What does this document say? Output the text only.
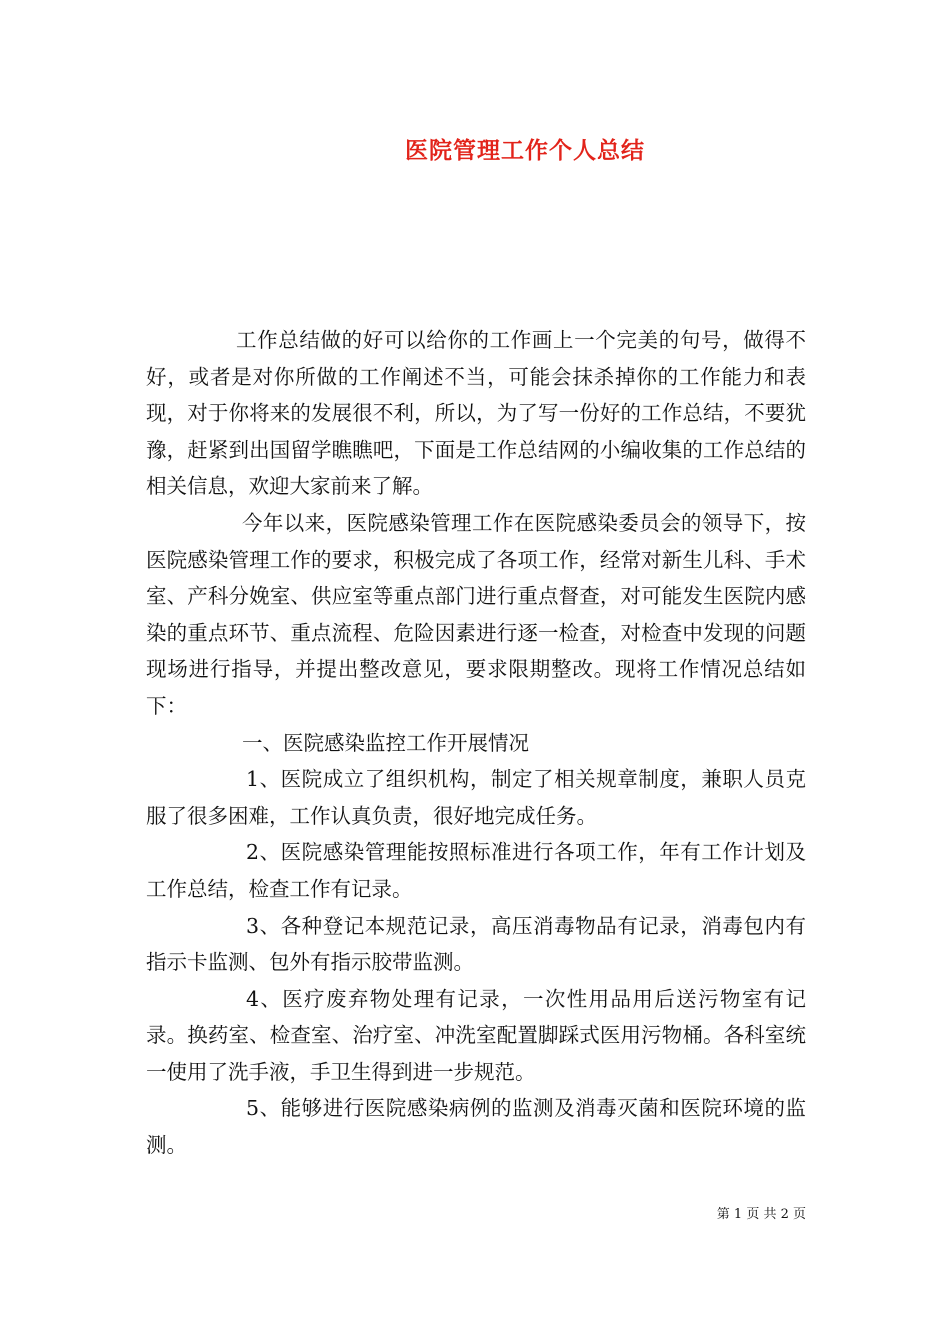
医院管理工作个人总结

工作总结做的好可以给你的工作画上一个完美的句号，做得不好，或者是对你所做的工作阐述不当，可能会抹杀掉你的工作能力和表现，对于你将来的发展很不利，所以，为了写一份好的工作总结，不要犹豫，赶紧到出国留学瞧瞧吧，下面是工作总结网的小编收集的工作总结的相关信息，欢迎大家前来了解。

今年以来，医院感染管理工作在医院感染委员会的领导下，按医院感染管理工作的要求，积极完成了各项工作，经常对新生儿科、手术室、产科分娩室、供应室等重点部门进行重点督查，对可能发生医院内感染的重点环节、重点流程、危险因素进行逐一检查，对检查中发现的问题现场进行指导，并提出整改意见，要求限期整改。现将工作情况总结如下：

一、医院感染监控工作开展情况

1、医院成立了组织机构，制定了相关规章制度，兼职人员克服了很多困难，工作认真负责，很好地完成任务。

2、医院感染管理能按照标准进行各项工作，年有工作计划及工作总结，检查工作有记录。

3、各种登记本规范记录，高压消毒物品有记录，消毒包内有指示卡监测、包外有指示胶带监测。

4、医疗废弃物处理有记录，一次性用品用后送污物室有记录。换药室、检查室、治疗室、冲洗室配置脚踩式医用污物桶。各科室统一使用了洗手液，手卫生得到进一步规范。

5、能够进行医院感染病例的监测及消毒灭菌和医院环境的监测。

第 1 页 共 2 页
